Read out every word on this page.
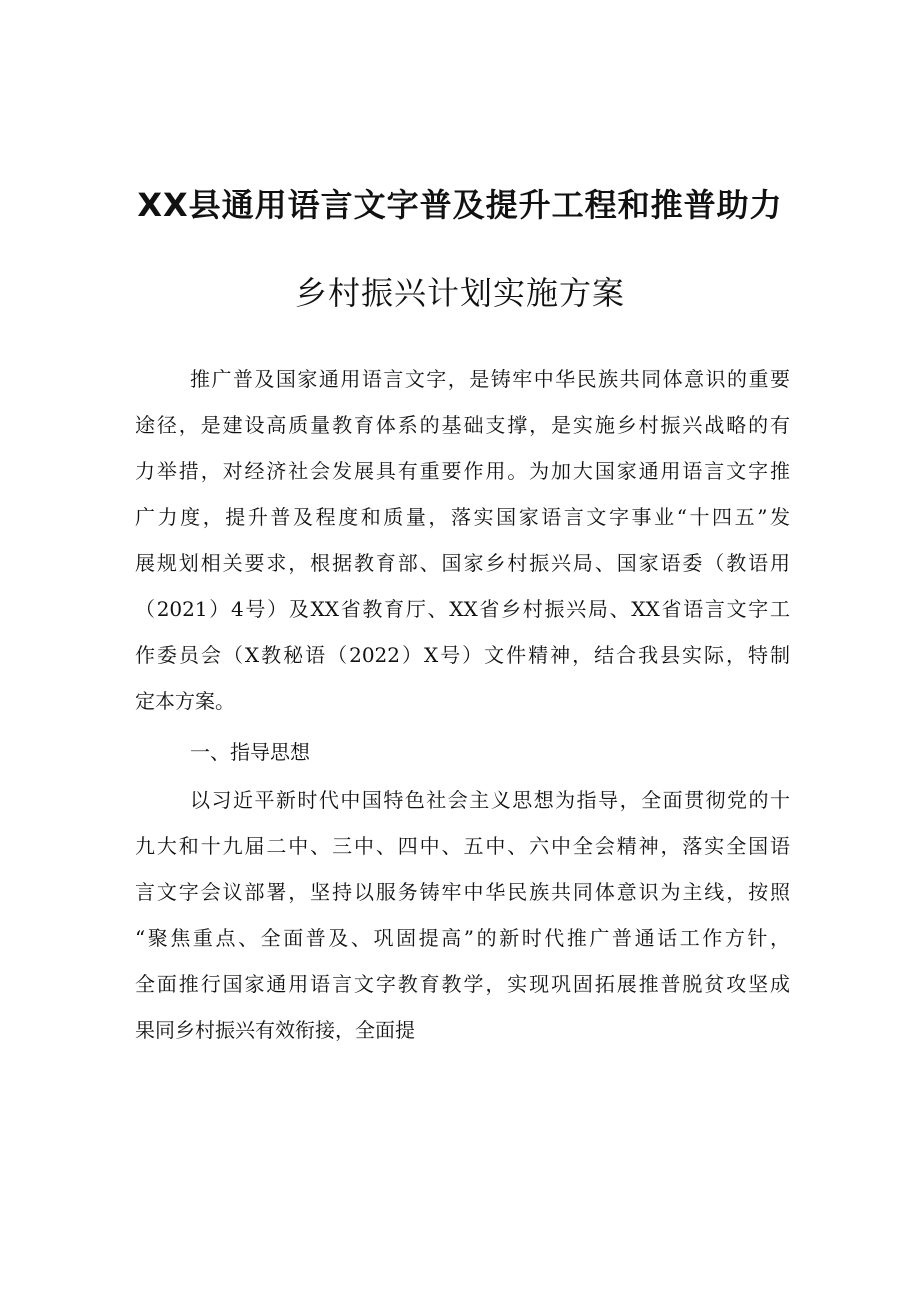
XX县通用语言文字普及提升工程和推普助力
乡村振兴计划实施方案
推广普及国家通用语言文字，是铸牢中华民族共同体意识的重要
途径，是建设高质量教育体系的基础支撑，是实施乡村振兴战略的有
力举措，对经济社会发展具有重要作用。为加大国家通用语言文字推
广力度，提升普及程度和质量，落实国家语言文字事业“十四五”发
展规划相关要求，根据教育部、国家乡村振兴局、国家语委（教语用
（2021）4号）及XX省教育厅、XX省乡村振兴局、XX省语言文字工
作委员会（X教秘语（2022）X号）文件精神，结合我县实际，特制
定本方案。
一、指导思想
以习近平新时代中国特色社会主义思想为指导，全面贯彻党的十
九大和十九届二中、三中、四中、五中、六中全会精神，落实全国语
言文字会议部署，坚持以服务铸牢中华民族共同体意识为主线，按照
“聚焦重点、全面普及、巩固提高”的新时代推广普通话工作方针，
全面推行国家通用语言文字教育教学，实现巩固拓展推普脱贫攻坚成
果同乡村振兴有效衔接，全面提
